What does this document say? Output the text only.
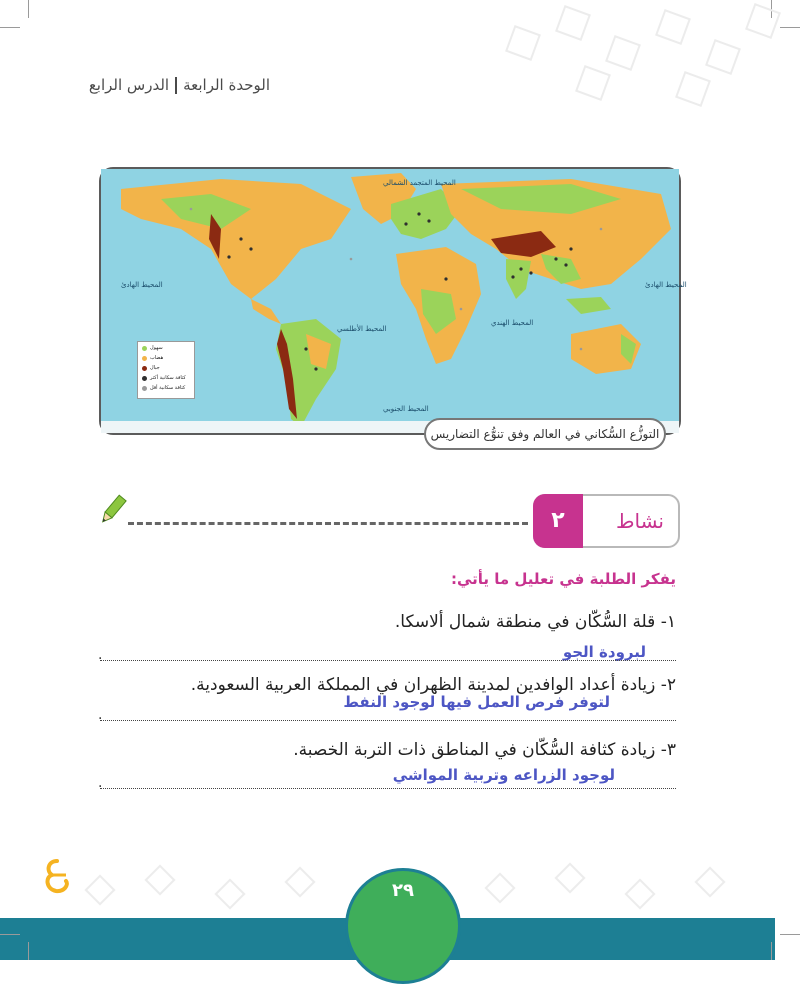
الوحدة الرابعةالدرس الرابع
المحيط المتجمد الشمالي
المحيط الهادئ	المحيط الهادئ
المحيط الأطلسي
المحيط الهندي
المحيط الجنوبي
سهول
هضاب
جبال
كثافة سكانية أكثر
كثافة سكانية أقل
التوزُّع السُّكاني في العالم وفق تنوُّع التضاريس
٢	نشاط
يفكر الطلبة في تعليل ما يأتي:
١- قلة السُّكّان في منطقة شمال ألاسكا.
لبرودة الجو
.
٢- زيادة أعداد الوافدين لمدينة الظهران في المملكة العربية السعودية.
لتوفر فرص العمل فيها لوجود النفط
.
٣- زيادة كثافة السُّكّان في المناطق ذات التربة الخصبة.
لوجود الزراعه وتربية المواشي
.
٢٩
